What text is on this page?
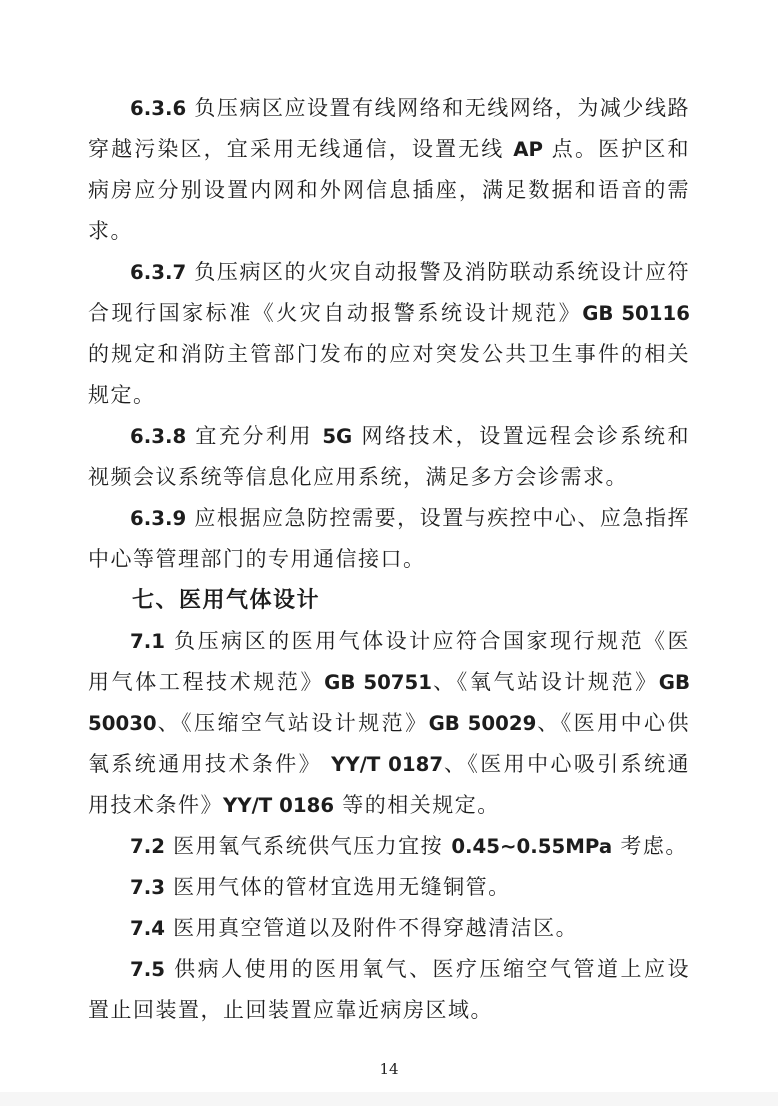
6.3.6 负压病区应设置有线网络和无线网络，为减少线路穿越污染区，宜采用无线通信，设置无线 AP 点。医护区和病房应分别设置内网和外网信息插座，满足数据和语音的需求。

6.3.7 负压病区的火灾自动报警及消防联动系统设计应符合现行国家标准《火灾自动报警系统设计规范》GB 50116 的规定和消防主管部门发布的应对突发公共卫生事件的相关规定。

6.3.8 宜充分利用 5G 网络技术，设置远程会诊系统和视频会议系统等信息化应用系统，满足多方会诊需求。

6.3.9 应根据应急防控需要，设置与疾控中心、应急指挥中心等管理部门的专用通信接口。

七、医用气体设计

7.1 负压病区的医用气体设计应符合国家现行规范《医用气体工程技术规范》GB 50751、《氧气站设计规范》GB 50030、《压缩空气站设计规范》GB 50029、《医用中心供氧系统通用技术条件》 YY/T 0187、《医用中心吸引系统通用技术条件》YY/T 0186 等的相关规定。

7.2 医用氧气系统供气压力宜按 0.45~0.55MPa 考虑。

7.3 医用气体的管材宜选用无缝铜管。

7.4 医用真空管道以及附件不得穿越清洁区。

7.5 供病人使用的医用氧气、医疗压缩空气管道上应设置止回装置，止回装置应靠近病房区域。

14
